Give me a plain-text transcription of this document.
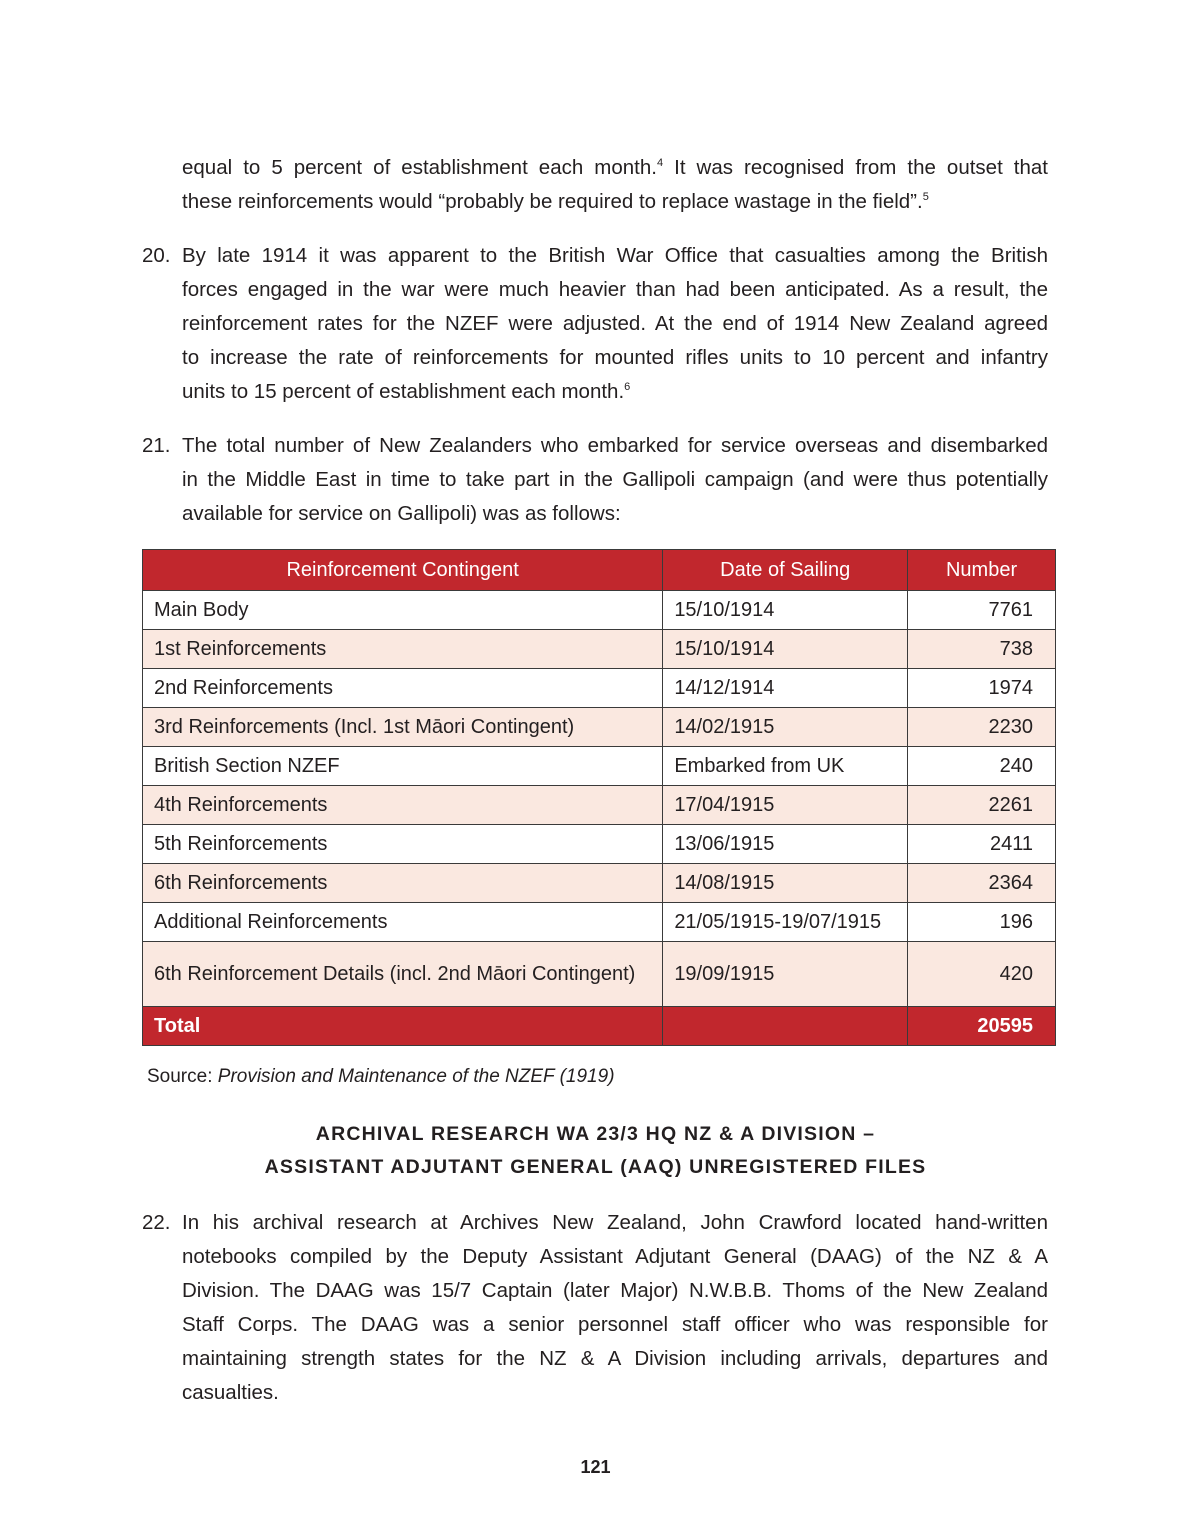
equal to 5 percent of establishment each month.$^4$ It was recognised from the outset that
these reinforcements would “probably be required to replace wastage in the field”.$^5$
20. By late 1914 it was apparent to the British War Office that casualties among the British
forces engaged in the war were much heavier than had been anticipated. As a result, the
reinforcement rates for the NZEF were adjusted. At the end of 1914 New Zealand agreed
to increase the rate of reinforcements for mounted rifles units to 10 percent and infantry
units to 15 percent of establishment each month.$^6$
21. The total number of New Zealanders who embarked for service overseas and disembarked
in the Middle East in time to take part in the Gallipoli campaign (and were thus potentially
available for service on Gallipoli) was as follows:
Reinforcement Contingent	Date of Sailing	Number
Main Body	15/10/1914	7761
1st Reinforcements	15/10/1914	738
2nd Reinforcements	14/12/1914	1974
3rd Reinforcements (Incl. 1st Māori Contingent)	14/02/1915	2230
British Section NZEF	Embarked from UK	240
4th Reinforcements	17/04/1915	2261
5th Reinforcements	13/06/1915	2411
6th Reinforcements	14/08/1915	2364
Additional Reinforcements	21/05/1915-19/07/1915	196
6th Reinforcement Details (incl. 2nd Māori Contingent)	19/09/1915	420
Total		20595
Source: Provision and Maintenance of the NZEF (1919)
ARCHIVAL RESEARCH WA 23/3 HQ NZ & A DIVISION –
ASSISTANT ADJUTANT GENERAL (AAQ) UNREGISTERED FILES
22. In his archival research at Archives New Zealand, John Crawford located hand-written
notebooks compiled by the Deputy Assistant Adjutant General (DAAG) of the NZ & A
Division. The DAAG was 15/7 Captain (later Major) N.W.B.B. Thoms of the New Zealand
Staff Corps. The DAAG was a senior personnel staff officer who was responsible for
maintaining strength states for the NZ & A Division including arrivals, departures and
casualties.
121
